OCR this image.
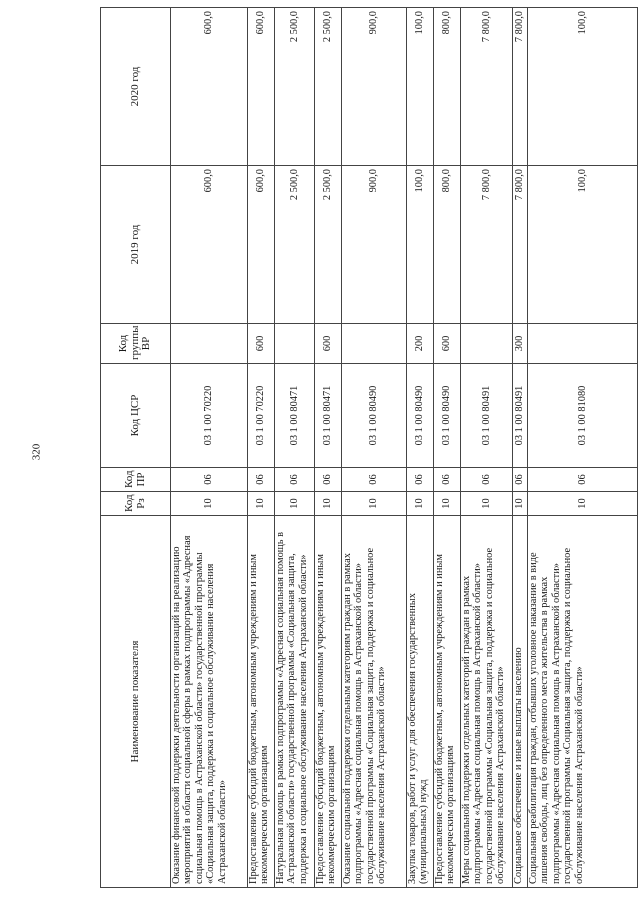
320
Наименование показателя	Код Рз	Код ПР	Код ЦСР	Код группы ВР	2019 год	2020 год
Оказание финансовой поддержки деятельности организаций на реализацию мероприятий в области социальной сферы в рамках подпрограммы «Адресная социальная помощь в Астраханской области» государственной программы «Социальная защита, поддержка и социальное обслуживание населения Астраханской области»	10	06	03 1 00 70220		600,0	600,0
Предоставление субсидий бюджетным, автономным учреждениям и иным некоммерческим организациям	10	06	03 1 00 70220	600	600,0	600,0
Натуральная помощь в рамках подпрограммы «Адресная социальная помощь в Астраханской области» государственной программы «Социальная защита, поддержка и социальное обслуживание населения Астраханской области»	10	06	03 1 00 80471		2 500,0	2 500,0
Предоставление субсидий бюджетным, автономным учреждениям и иным некоммерческим организациям	10	06	03 1 00 80471	600	2 500,0	2 500,0
Оказание социальной поддержки отдельным категориям граждан в рамках подпрограммы «Адресная социальная помощь в Астраханской области» государственной программы «Социальная защита, поддержка и социальное обслуживание населения Астраханской области»	10	06	03 1 00 80490		900,0	900,0
Закупка товаров, работ и услуг для обеспечения государственных (муниципальных) нужд	10	06	03 1 00 80490	200	100,0	100,0
Предоставление субсидий бюджетным, автономным учреждениям и иным некоммерческим организациям	10	06	03 1 00 80490	600	800,0	800,0
Меры социальной поддержки отдельных категорий граждан в рамках подпрограммы «Адресная социальная помощь в Астраханской области» государственной программы «Социальная защита, поддержка и социальное обслуживание населения Астраханской области»	10	06	03 1 00 80491		7 800,0	7 800,0
Социальное обеспечение и иные выплаты населению	10	06	03 1 00 80491	300	7 800,0	7 800,0
Социальная реабилитация граждан, отбывших уголовное наказание в виде лишения свободы, лиц без определенного места жительства в рамках подпрограммы «Адресная социальная помощь в Астраханской области» государственной программы «Социальная защита, поддержка и социальное обслуживание населения Астраханской области»	10	06	03 1 00 81080		100,0	100,0
